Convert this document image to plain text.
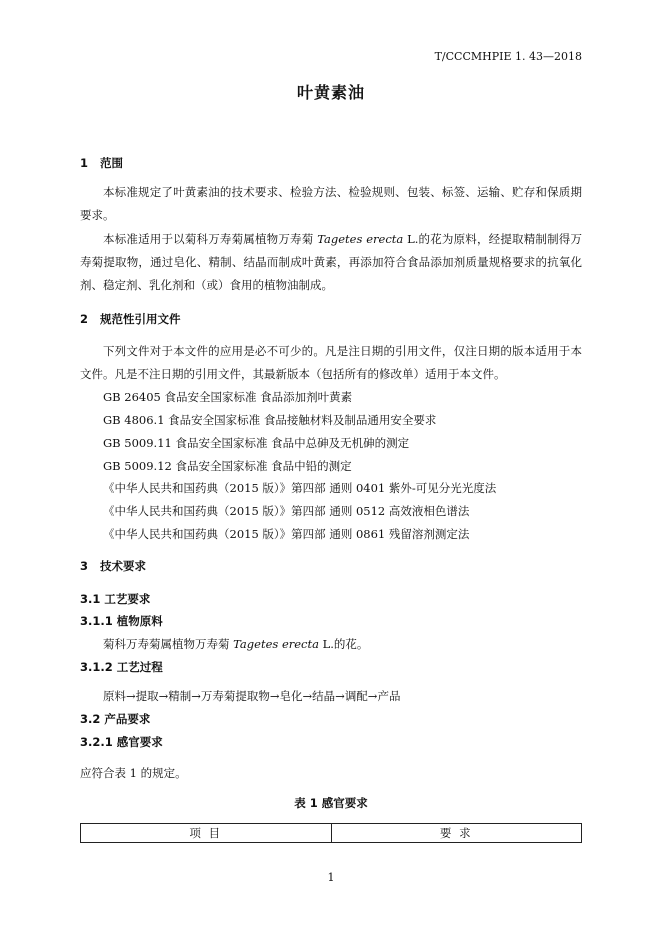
T/CCCMHPIE 1. 43—2018
叶黄素油
1 范围
本标准规定了叶黄素油的技术要求、检验方法、检验规则、包装、标签、运输、贮存和保质期要求。
本标准适用于以菊科万寿菊属植物万寿菊 Tagetes erecta L.的花为原料，经提取精制制得万寿菊提取物，通过皂化、精制、结晶而制成叶黄素，再添加符合食品添加剂质量规格要求的抗氧化剂、稳定剂、乳化剂和（或）食用的植物油制成。
2 规范性引用文件
下列文件对于本文件的应用是必不可少的。凡是注日期的引用文件，仅注日期的版本适用于本文件。凡是不注日期的引用文件，其最新版本（包括所有的修改单）适用于本文件。
GB 26405 食品安全国家标准 食品添加剂叶黄素
GB 4806.1 食品安全国家标准 食品接触材料及制品通用安全要求
GB 5009.11 食品安全国家标准 食品中总砷及无机砷的测定
GB 5009.12 食品安全国家标准 食品中铅的测定
《中华人民共和国药典（2015 版）》第四部 通则 0401 紫外-可见分光光度法
《中华人民共和国药典（2015 版）》第四部 通则 0512 高效液相色谱法
《中华人民共和国药典（2015 版）》第四部 通则 0861 残留溶剂测定法
3 技术要求
3.1 工艺要求
3.1.1 植物原料
菊科万寿菊属植物万寿菊 Tagetes erecta L.的花。
3.1.2 工艺过程
原料→提取→精制→万寿菊提取物→皂化→结晶→调配→产品
3.2 产品要求
3.2.1 感官要求
应符合表 1 的规定。
表 1 感官要求
项 目	要 求
1
